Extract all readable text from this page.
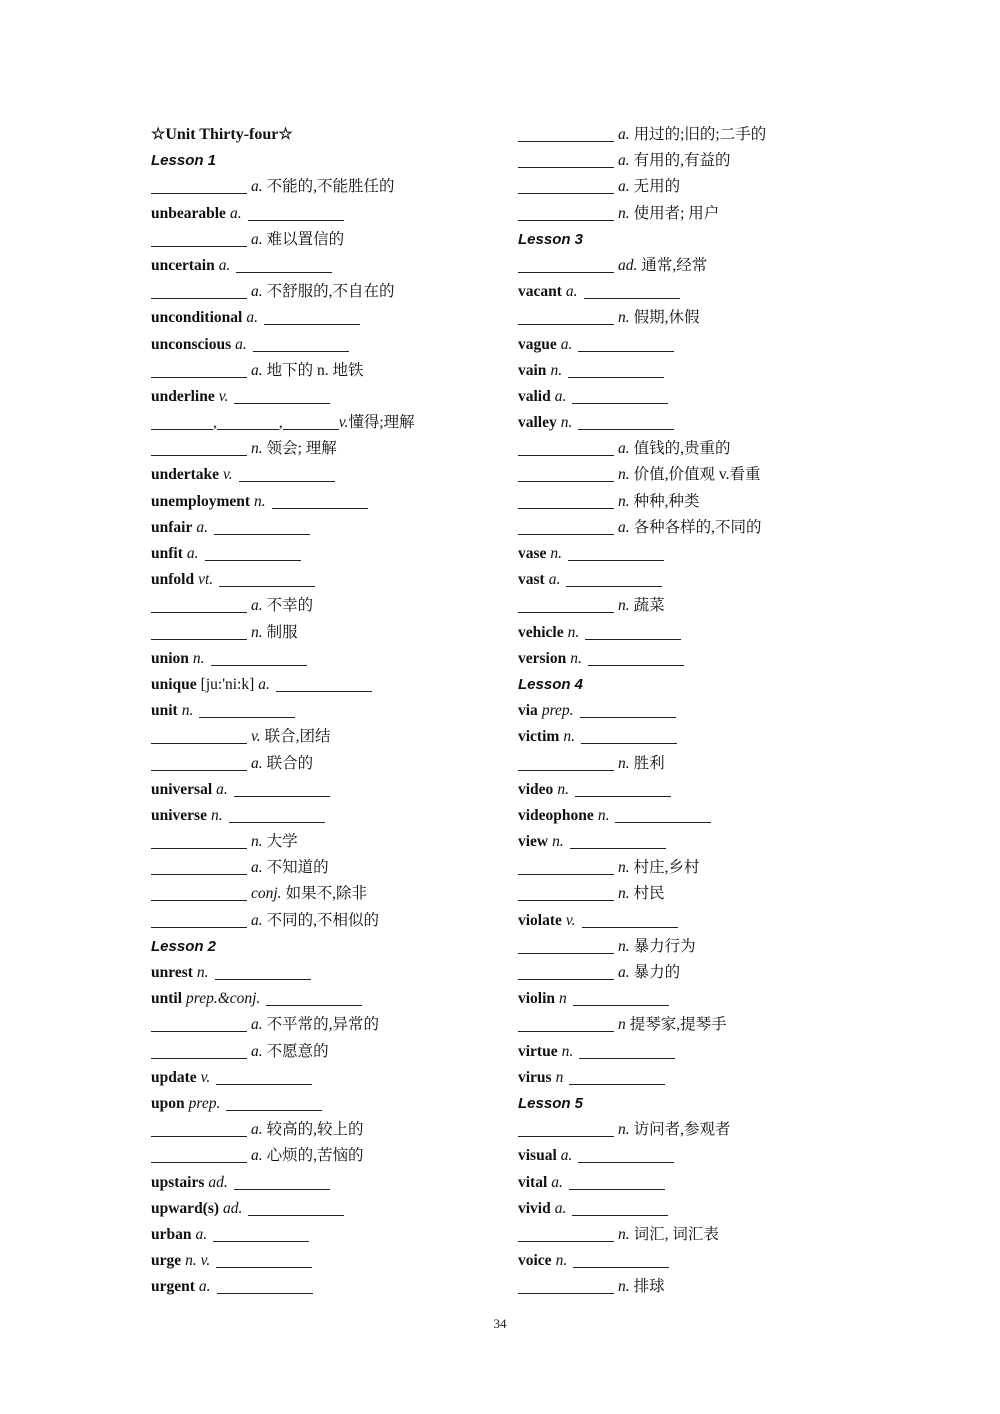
☆Unit Thirty-four☆
Lesson 1
a. 不能的,不能胜任的
unbearable a.
a. 难以置信的
uncertain a.
a. 不舒服的,不自在的
unconditional a.
unconscious a.
a. 地下的 n. 地铁
underline v.
,	,	v.懂得;理解
n. 领会; 理解
undertake v.
unemployment n.
unfair a.
unfit a.
unfold vt.
a. 不幸的
n. 制服
union n.
unique [ju:'ni:k] a.
unit n.
v. 联合,团结
a. 联合的
universal a.
universe n.
n. 大学
a. 不知道的
conj. 如果不,除非
a. 不同的,不相似的
Lesson 2
unrest n.
until prep.&conj.
a. 不平常的,异常的
a. 不愿意的
update v.
upon prep.
a. 较高的,较上的
a. 心烦的,苦恼的
upstairs ad.
upward(s) ad.
urban a.
urge n. v.
urgent a.
a. 用过的;旧的;二手的
a. 有用的,有益的
a. 无用的
n. 使用者; 用户
Lesson 3
ad. 通常,经常
vacant a.
n. 假期,休假
vague a.
vain n.
valid a.
valley n.
a. 值钱的,贵重的
n. 价值,价值观 v.看重
n. 种种,种类
a. 各种各样的,不同的
vase n.
vast a.
n. 蔬菜
vehicle n.
version n.
Lesson 4
via prep.
victim n.
n. 胜利
video n.
videophone n.
view n.
n. 村庄,乡村
n. 村民
violate v.
n. 暴力行为
a. 暴力的
violin n
n 提琴家,提琴手
virtue n.
virus n
Lesson 5
n. 访问者,参观者
visual a.
vital a.
vivid a.
n. 词汇, 词汇表
voice n.
n. 排球
34
